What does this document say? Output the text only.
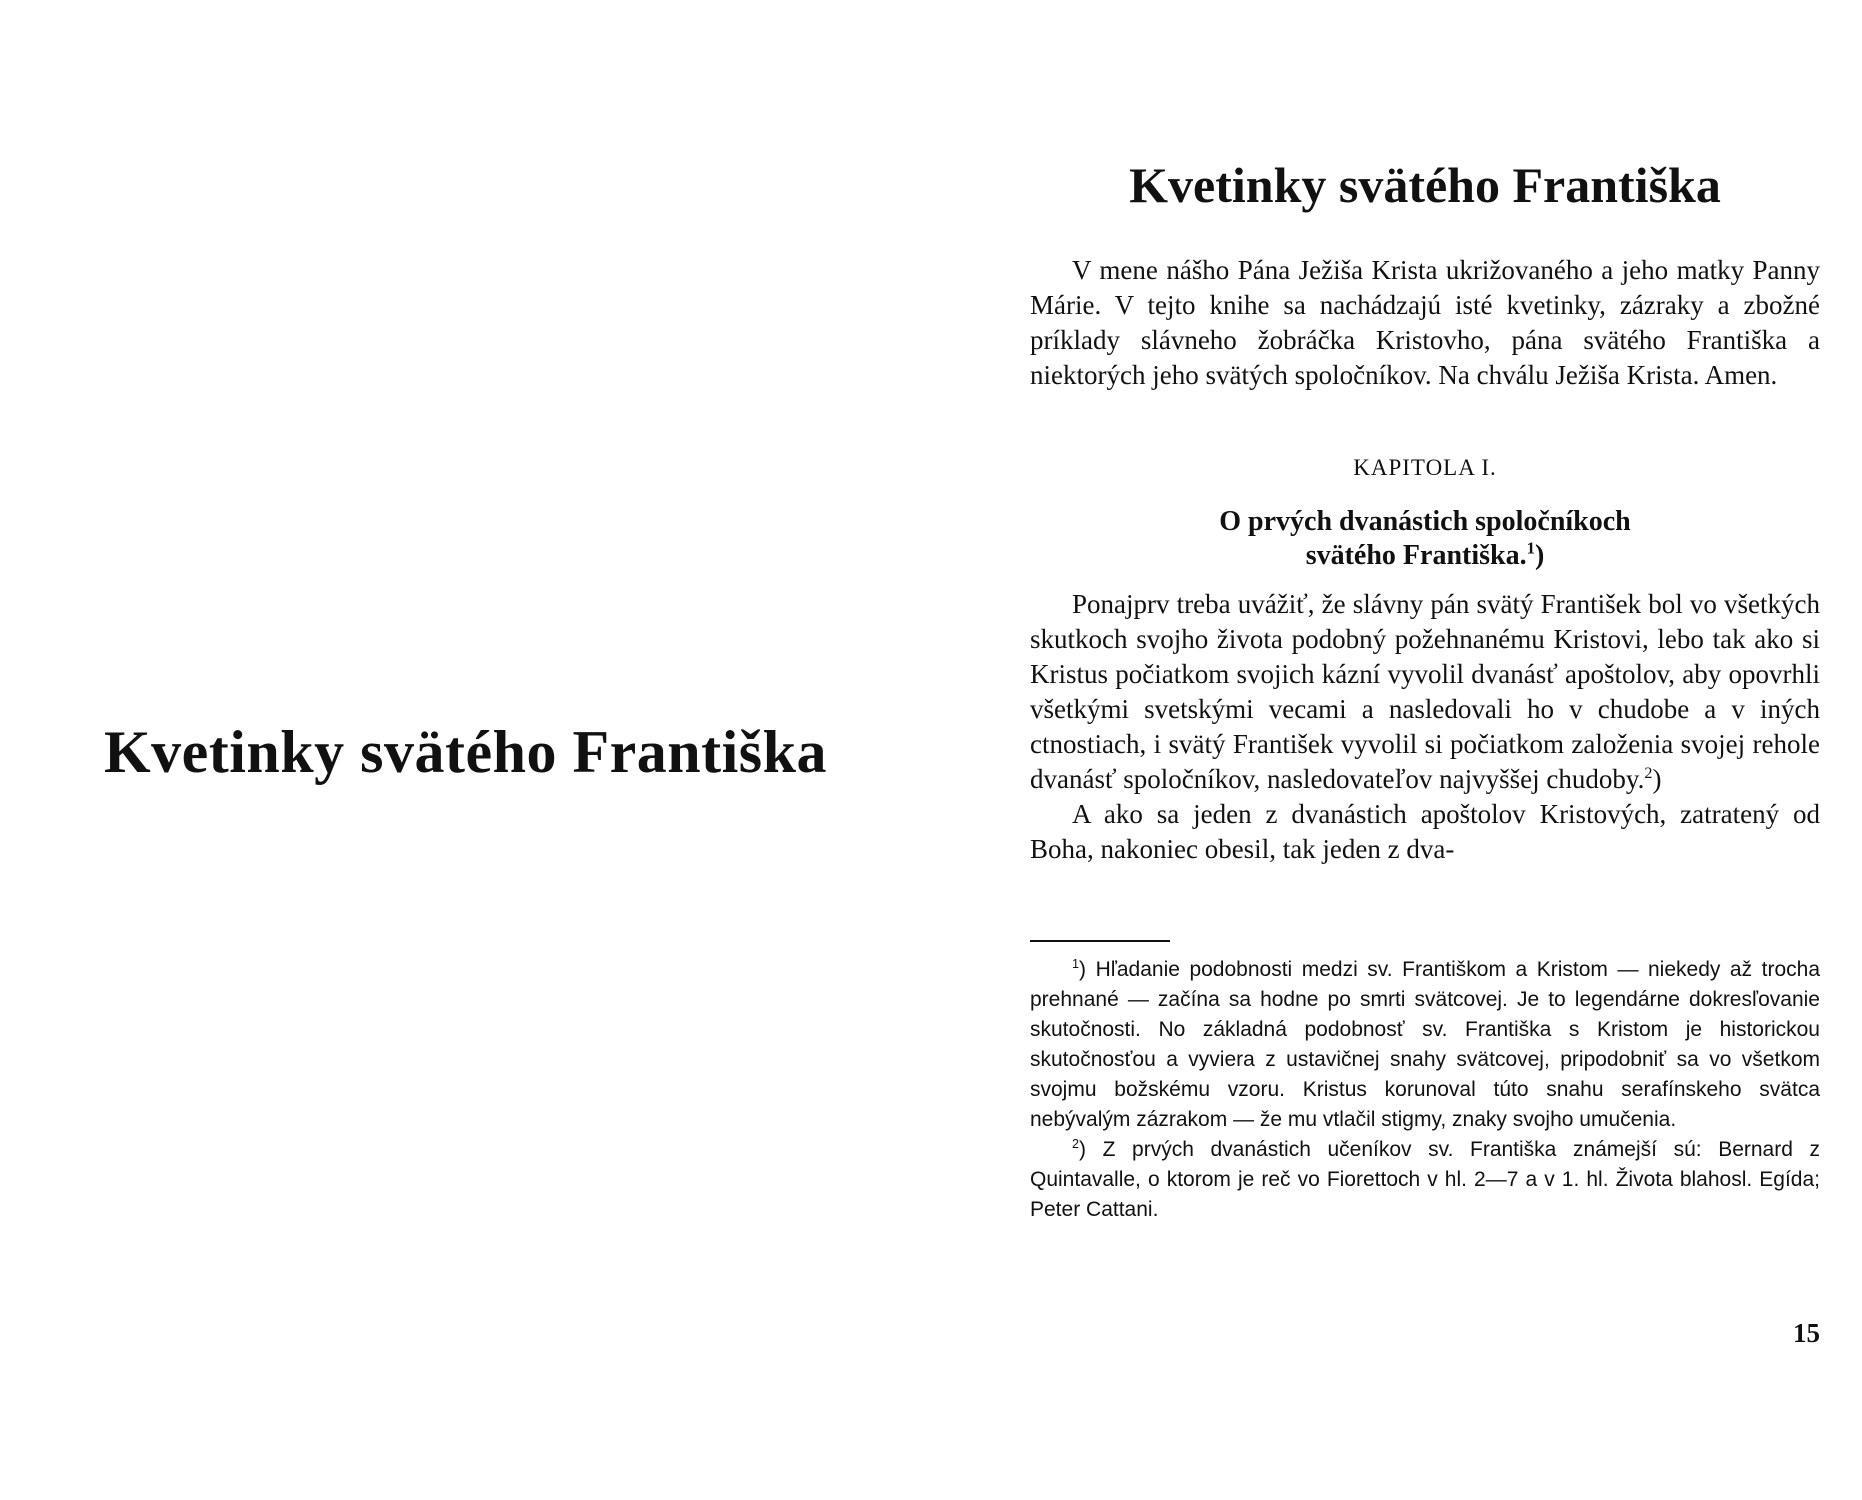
Kvetinky svätého Františka
Kvetinky svätého Františka

V mene nášho Pána Ježiša Krista ukrižovaného a jeho matky Panny Márie. V tejto knihe sa nachádzajú isté kvetinky, zázraky a zbožné príklady slávneho žobráčka Kristovho, pána svätého Františka a niektorých jeho svätých spoločníkov. Na chválu Ježiša Krista. Amen.

KAPITOLA I.

O prvých dvanástich spoločníkoch
svätého Františka.$^1$)

Ponajprv treba uvážiť, že slávny pán svätý František bol vo všetkých skutkoch svojho života podobný požehnanému Kristovi, lebo tak ako si Kristus počiatkom svojich kázní vyvolil dvanásť apoštolov, aby opovrhli všetkými svetskými vecami a nasledovali ho v chudobe a v iných ctnostiach, i svätý František vyvolil si počiatkom založenia svojej rehole dvanásť spoločníkov, nasledovateľov najvyššej chudoby.$^2$)

A ako sa jeden z dvanástich apoštolov Kristových, zatratený od Boha, nakoniec obesil, tak jeden z dva-

$^1$) Hľadanie podobnosti medzi sv. Františkom a Kristom — niekedy až trocha prehnané — začína sa hodne po smrti svätcovej. Je to legendárne dokresľovanie skutočnosti. No základná podobnosť sv. Františka s Kristom je historickou skutočnosťou a vyviera z ustavičnej snahy svätcovej, pripodobniť sa vo všetkom svojmu božskému vzoru. Kristus korunoval túto snahu serafínskeho svätca nebývalým zázrakom — že mu vtlačil stigmy, znaky svojho umučenia.

$^2$) Z prvých dvanástich učeníkov sv. Františka známejší sú: Bernard z Quintavalle, o ktorom je reč vo Fiorettoch v hl. 2—7 a v 1. hl. Života blahosl. Egída; Peter Cattani.

15
